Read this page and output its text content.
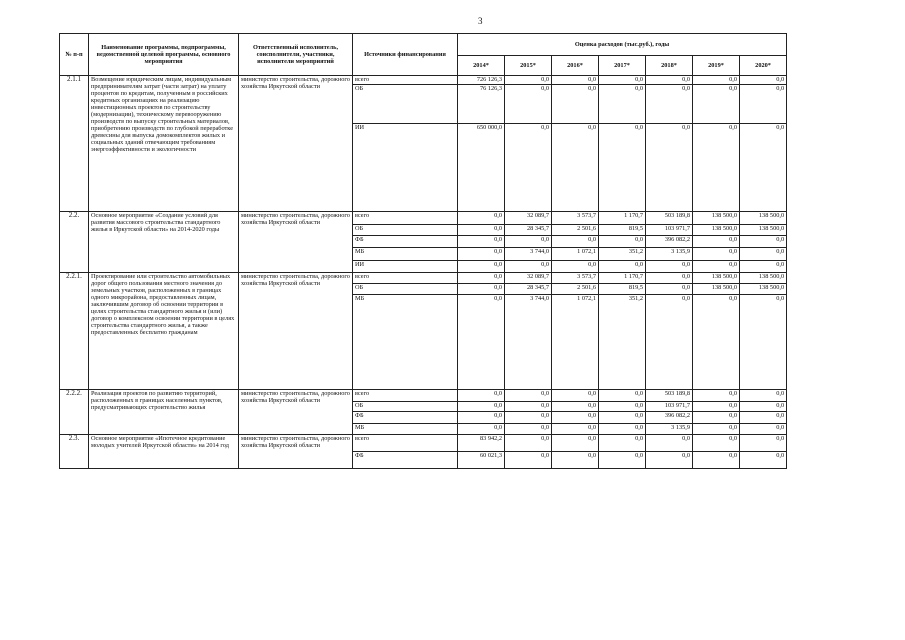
3
№ п-п	Наименование программы, подпрограммы, ведомственной целевой программы, основного мероприятия	Ответственный исполнитель, соисполнители, участники, исполнители мероприятий	Источники финансирования	Оценка расходов (тыс.руб.), годы						
				2014*	2015*	2016*	2017*	2018*	2019*	2020*
2.1.1	Возмещение юридическим лицам, индивидуальным предпринимателям затрат (части затрат) на уплату процентов по кредитам, полученным в российских кредитных организациях на реализацию инвестиционных проектов по строительству (модернизации), техническому перевооружению производств по выпуску строительных материалов, приобретению производств по глубокой переработке древесины для выпуска домокомплектов жилых и социальных зданий отвечающим требованиям энергоэффективности и экологичности	министерство строительства, дорожного хозяйства Иркутской области	всего	726 126,3	0,0	0,0	0,0	0,0	0,0	0,0
			ОБ	76 126,3	0,0	0,0	0,0	0,0	0,0	0,0
			ИИ	650 000,0	0,0	0,0	0,0	0,0	0,0	0,0
2.2.	Основное мероприятие «Создание условий для развития массового строительства стандартного жилья в Иркутской области» на 2014-2020 годы	министерство строительства, дорожного хозяйства Иркутской области	всего	0,0	32 089,7	3 573,7	1 170,7	503 189,8	138 500,0	138 500,0
			ОБ	0,0	28 345,7	2 501,6	819,5	103 971,7	138 500,0	138 500,0
			ФБ	0,0	0,0	0,0	0,0	396 082,2	0,0	0,0
			МБ	0,0	3 744,0	1 072,1	351,2	3 135,9	0,0	0,0
			ИИ	0,0	0,0	0,0	0,0	0,0	0,0	0,0
2.2.1.	Проектирование или строительство автомобильных дорог общего пользования местного значения до земельных участков, расположенных в границах одного микрорайона, предоставленных лицам, заключившим договор об освоении территории в целях строительства стандартного жилья и (или) договор о комплексном освоении территории в целях строительства стандартного жилья, а также предоставленных бесплатно гражданам	министерство строительства, дорожного хозяйства Иркутской области	всего	0,0	32 089,7	3 573,7	1 170,7	0,0	138 500,0	138 500,0
			ОБ	0,0	28 345,7	2 501,6	819,5	0,0	138 500,0	138 500,0
			МБ	0,0	3 744,0	1 072,1	351,2	0,0	0,0	0,0
2.2.2.	Реализация проектов по развитию территорий, расположенных в границах населенных пунктов, предусматривающих строительство жилья	министерство строительства, дорожного хозяйства Иркутской области	всего	0,0	0,0	0,0	0,0	503 189,8	0,0	0,0
			ОБ	0,0	0,0	0,0	0,0	103 971,7	0,0	0,0
			ФБ	0,0	0,0	0,0	0,0	396 082,2	0,0	0,0
			МБ	0,0	0,0	0,0	0,0	3 135,9	0,0	0,0
2.3.	Основное мероприятие «Ипотечное кредитование молодых учителей Иркутской области» на 2014 год	министерство строительства, дорожного хозяйства Иркутской области	всего	83 942,2	0,0	0,0	0,0	0,0	0,0	0,0
			ФБ	60 021,3	0,0	0,0	0,0	0,0	0,0	0,0
